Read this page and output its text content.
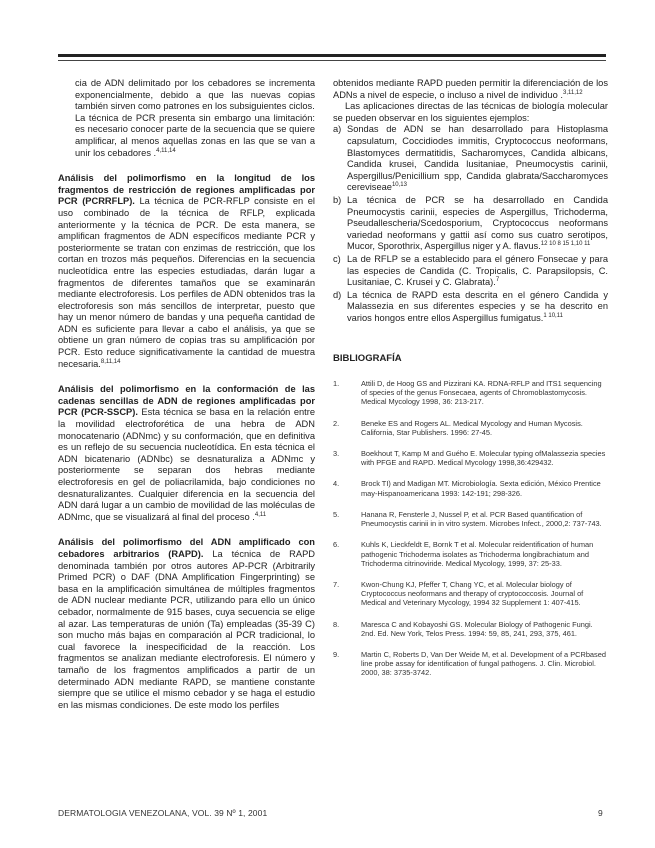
cia de ADN delimitado por los cebadores se incrementa exponencialmente, debido a que las nuevas copias también sirven como patrones en los subsiguientes ciclos.
La técnica de PCR presenta sin embargo una limitación: es necesario conocer parte de la secuencia que se quiere amplificar, al menos aquellas zonas en las que se van a unir los cebadores .$^{4,11,14}$

Análisis del polimorfismo en la longitud de los fragmentos de restricción de regiones amplificadas por PCR (PCRRFLP). La técnica de PCR-RFLP consiste en el uso combinado de la técnica de RFLP, explicada anteriormente y la técnica de PCR. De esta manera, se amplifican fragmentos de ADN específicos mediante PCR y posteriormente se tratan con enzimas de restricción, que los cortan en trozos más pequeños. Diferencias en la secuencia nucleotídica entre las especies estudiadas, darán lugar a fragmentos de diferentes tamaños que se examinarán mediante electroforesis. Los perfiles de ADN obtenidos tras la electroforesis son más sencillos de interpretar, puesto que hay un menor número de bandas y una pequeña cantidad de ADN es suficiente para llevar a cabo el análisis, ya que se obtiene un gran número de copias tras su amplificación por PCR. Esto reduce significativamente la cantidad de muestra necesaria.$^{8,11,14}$

Análisis del polimorfismo en la conformación de las cadenas sencillas de ADN de regiones amplificadas por PCR (PCR-SSCP). Esta técnica se basa en la relación entre la movilidad electroforética de una hebra de ADN monocatenario (ADNmc) y su conformación, que en definitiva es un reflejo de su secuencia nucleotídica. En esta técnica el ADN bicatenario (ADNbc) se desnaturaliza a ADNmc y posteriormente se separan dos hebras mediante electroforesis en gel de poliacrilamida, bajo condiciones no desnaturalizantes. Cualquier diferencia en la secuencia del ADN dará lugar a un cambio de movilidad de las moléculas de ADNmc, que se visualizará al final del proceso .$^{4,11}$

Análisis del polimorfismo del ADN amplificado con cebadores arbitrarios (RAPD). La técnica de RAPD denominada también por otros autores AP-PCR (Arbitrarily Primed PCR) o DAF (DNA Amplification Fingerprinting) se basa en la amplificación simultánea de múltiples fragmentos de ADN nuclear mediante PCR, utilizando para ello un único cebador, normalmente de 915 bases, cuya secuencia se elige al azar. Las temperaturas de unión (Ta) empleadas (35-39 C) son mucho más bajas en comparación al PCR tradicional, lo cual favorece la inespecificidad de la reacción. Los fragmentos se analizan mediante electroforesis. El número y tamaño de los fragmentos amplificados a partir de un determinado ADN mediante RAPD, se mantiene constante siempre que se utilice el mismo cebador y se haga el estudio en las mismas condiciones. De este modo los perfiles

obtenidos mediante RAPD pueden permitir la diferenciación de los ADNs a nivel de especie, o incluso a nivel de individuo .$^{3,11,12}$

Las aplicaciones directas de las técnicas de biología molecular se pueden observar en los siguientes ejemplos:

a) Sondas de ADN se han desarrollado para Histoplasma capsulatum, Coccidiodes immitis, Cryptococcus neoformans, Blastomyces dermatitidis, Sacharomyces, Candida albicans, Candida krusei, Candida lusitaniae, Pneumocystis carinii, Aspergillus/Penicillium spp, Candida glabrata/Saccharomyces cereviseae$^{10,13}$
b) La técnica de PCR se ha desarrollado en Candida Pneumocystis carinii, especies de Aspergillus, Trichoderma, Pseudallescheria/Scedosporium, Cryptococcus neoformans variedad neoformans y gattii así como sus cuatro serotipos, Mucor, Sporothrix, Aspergillus niger y A. flavus.$^{12 10 8 15 1,10 11}$
c) La de RFLP se a establecido para el género Fonsecae y para las especies de Candida (C. Tropicalis, C. Parapsilopsis, C. Lusitaniae, C. Krusei y C. Glabrata).$^7$
d) La técnica de RAPD esta descrita en el género Candida y Malassezia en sus diferentes especies y se ha descrito en varios hongos entre ellos Aspergillus fumigatus.$^{1 10,11}$
BIBLIOGRAFÍA
1.	Attili D, de Hoog GS and Pizzirani KA. RDNA-RFLP and ITS1 sequencing of species of the genus Fonsecaea, agents of Chromoblastomycosis. Medical Mycology 1998, 36: 213-217.
2.	Beneke ES and Rogers AL. Medical Mycology and Human Mycosis. California, Star Publishers. 1996: 27-45.
3.	Boekhout T, Kamp M and Guého E. Molecular typing ofMalassezia species with PFGE and RAPD. Medical Mycology 1998,36:429432.
4.	Brock TI) and Madigan MT. Microbiología. Sexta edición, México Prentice may-Hispanoamericana 1993: 142-191; 298-326.
5.	Hanana R, Fensterle J, Nussel P, et al. PCR Based quantification of Pneumocystis carinii in in vitro system. Microbes Infect., 2000,2: 737-743.
6.	Kuhls K, Lieckfeldt E, Bornk T et al. Molecular reidentification of human pathogenic Trichoderma isolates as Trichoderma longibrachiatum and Trichoderma citrinoviride. Medical Mycology, 1999, 37: 25-33.
7.	Kwon-Chung KJ, Pfeffer T, Chang YC, et al. Molecular biology of Cryptococcus neoformans and therapy of cryptococcosis. Journal of Medical and Veterinary Mycology, 1994 32 Supplement 1: 407-415.
8.	Maresca C and Kobayoshi GS. Molecular Biology of Pathogenic Fungi. 2nd. Ed. New York, Telos Press. 1994: 59, 85, 241, 293, 375, 461.
9.	Martin C, Roberts D, Van Der Weide M, et al. Development of a PCRbased line probe assay for identification of fungal pathogens. J. Clin. Microbiol. 2000, 38: 3735-3742.
DERMATOLOGIA VENEZOLANA, VOL. 39 Nº 1, 2001	9
